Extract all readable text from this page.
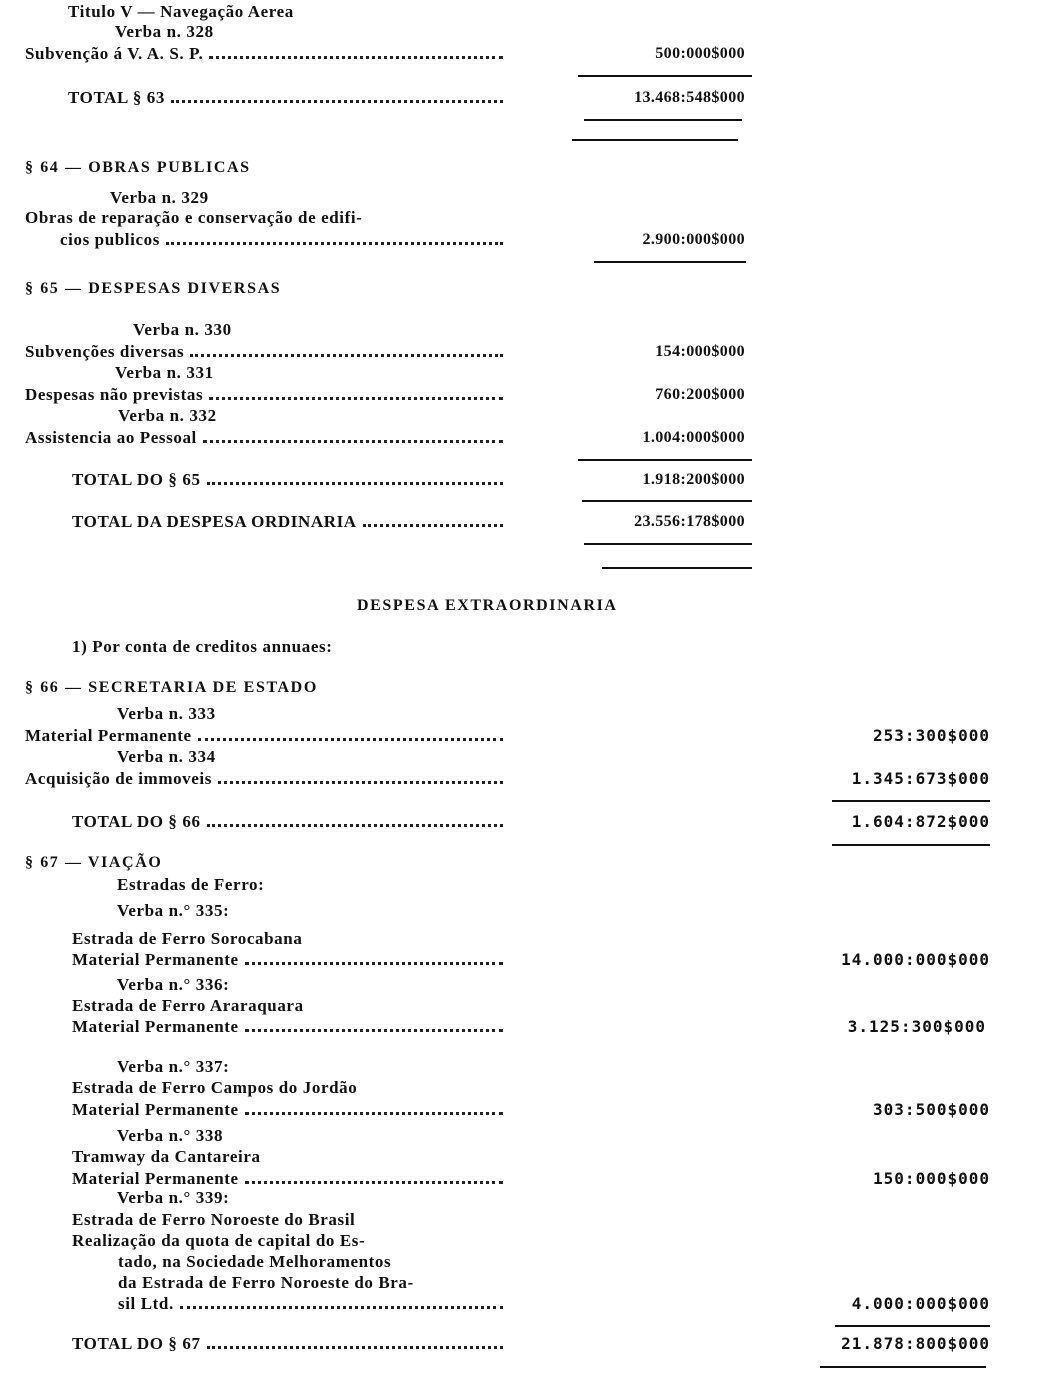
Titulo V — Navegação Aerea
Verba n. 328
Subvenção á V. A. S. P.	500:000$000
TOTAL § 63	13.468:548$000
§ 64 — OBRAS PUBLICAS
Verba n. 329
Obras de reparação e conservação de edifi-
cios publicos	2.900:000$000
§ 65 — DESPESAS DIVERSAS
Verba n. 330
Subvenções diversas	154:000$000
Verba n. 331
Despesas não previstas	760:200$000
Verba n. 332
Assistencia ao Pessoal	1.004:000$000
TOTAL DO § 65	1.918:200$000
TOTAL DA DESPESA ORDINARIA	23.556:178$000
DESPESA EXTRAORDINARIA
1) Por conta de creditos annuaes:
§ 66 — SECRETARIA DE ESTADO
Verba n. 333
Material Permanente	253:300$000
Verba n. 334
Acquisição de immoveis	1.345:673$000
TOTAL DO § 66	1.604:872$000
§ 67 — VIAÇÃO
Estradas de Ferro:
Verba n.° 335:
Estrada de Ferro Sorocabana
Material Permanente	14.000:000$000
Verba n.° 336:
Estrada de Ferro Araraquara
Material Permanente	3.125:300$000
Verba n.° 337:
Estrada de Ferro Campos do Jordão
Material Permanente	303:500$000
Verba n.° 338
Tramway da Cantareira
Material Permanente	150:000$000
Verba n.° 339:
Estrada de Ferro Noroeste do Brasil
Realização da quota de capital do Es-
tado, na Sociedade Melhoramentos
da Estrada de Ferro Noroeste do Bra-
sil Ltd.	4.000:000$000
TOTAL DO § 67	21.878:800$000
